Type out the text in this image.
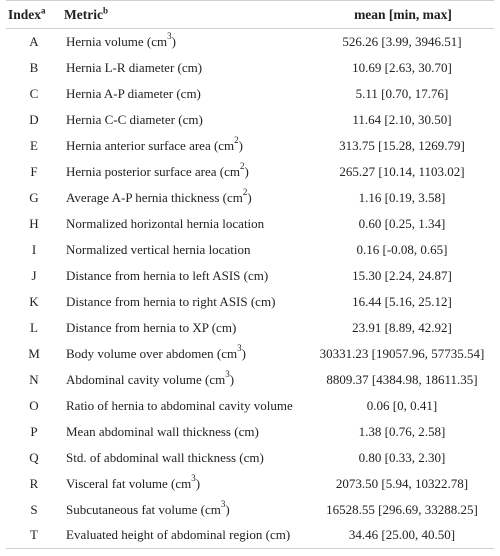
Index$^a$	Metric$^b$	mean [min, max]
A	Hernia volume $(cm^3)$	526.26 [3.99, 3946.51]
B	Hernia L-R diameter (cm)	10.69 [2.63, 30.70]
C	Hernia A-P diameter (cm)	5.11 [0.70, 17.76]
D	Hernia C-C diameter (cm)	11.64 [2.10, 30.50]
E	Hernia anterior surface area $(cm^2)$	313.75 [15.28, 1269.79]
F	Hernia posterior surface area $(cm^2)$	265.27 [10.14, 1103.02]
G	Average A-P hernia thickness $(cm^2)$	1.16 [0.19, 3.58]
H	Normalized horizontal hernia location	0.60 [0.25, 1.34]
I	Normalized vertical hernia location	0.16 [-0.08, 0.65]
J	Distance from hernia to left ASIS (cm)	15.30 [2.24, 24.87]
K	Distance from hernia to right ASIS (cm)	16.44 [5.16, 25.12]
L	Distance from hernia to XP (cm)	23.91 [8.89, 42.92]
M	Body volume over abdomen $(cm^3)$	30331.23 [19057.96, 57735.54]
N	Abdominal cavity volume $(cm^3)$	8809.37 [4384.98, 18611.35]
O	Ratio of hernia to abdominal cavity volume	0.06 [0, 0.41]
P	Mean abdominal wall thickness (cm)	1.38 [0.76, 2.58]
Q	Std. of abdominal wall thickness (cm)	0.80 [0.33, 2.30]
R	Visceral fat volume $(cm^3)$	2073.50 [5.94, 10322.78]
S	Subcutaneous fat volume $(cm^3)$	16528.55 [296.69, 33288.25]
T	Evaluated height of abdominal region (cm)	34.46 [25.00, 40.50]
